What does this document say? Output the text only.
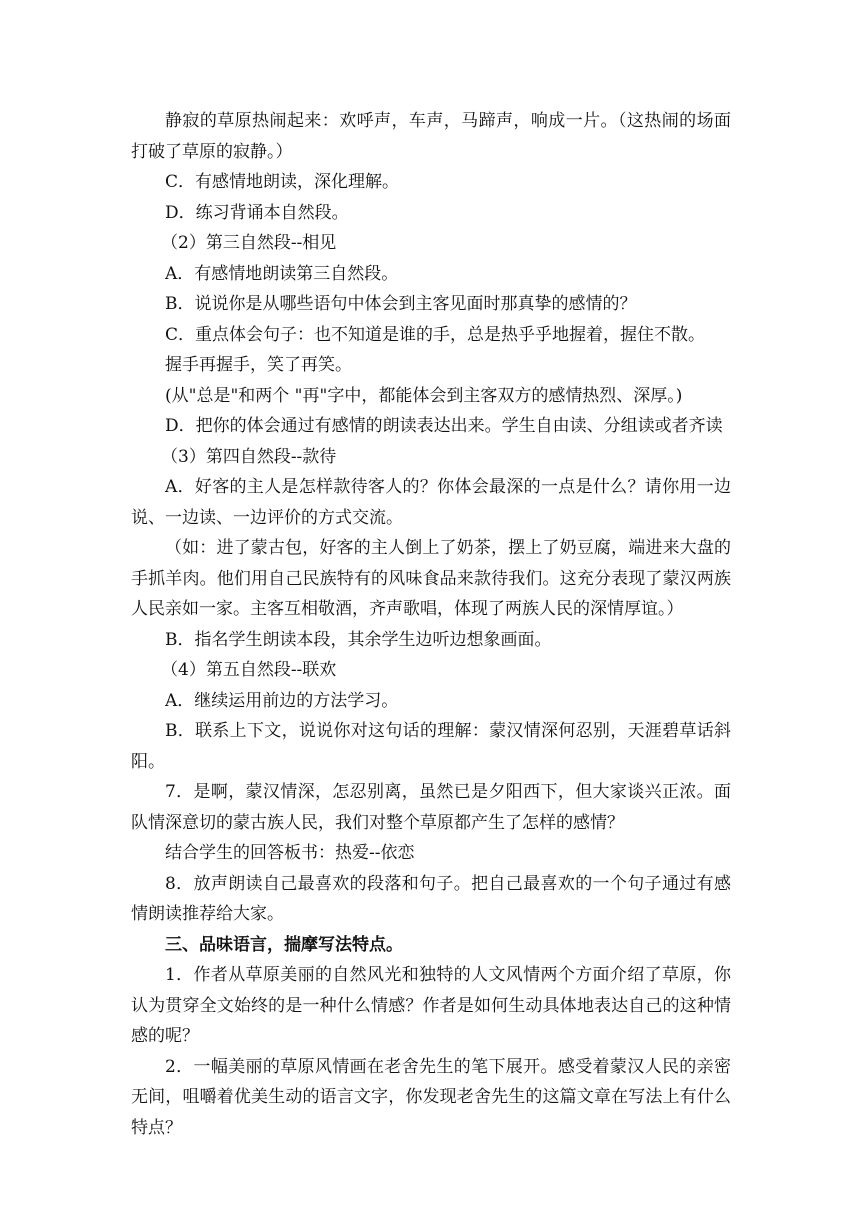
静寂的草原热闹起来：欢呼声，车声，马蹄声，响成一片。（这热闹的场面打破了草原的寂静。）

C．有感情地朗读，深化理解。

D．练习背诵本自然段。

（2）第三自然段--相见

A．有感情地朗读第三自然段。

B．说说你是从哪些语句中体会到主客见面时那真挚的感情的？

C．重点体会句子：也不知道是谁的手，总是热乎乎地握着，握住不散。

握手再握手，笑了再笑。

(从"总是"和两个 "再"字中，都能体会到主客双方的感情热烈、深厚。)

D．把你的体会通过有感情的朗读表达出来。学生自由读、分组读或者齐读

（3）第四自然段--款待

A．好客的主人是怎样款待客人的？你体会最深的一点是什么？请你用一边说、一边读、一边评价的方式交流。

（如：进了蒙古包，好客的主人倒上了奶茶，摆上了奶豆腐，端进来大盘的手抓羊肉。他们用自己民族特有的风味食品来款待我们。这充分表现了蒙汉两族人民亲如一家。主客互相敬酒，齐声歌唱，体现了两族人民的深情厚谊。）

B．指名学生朗读本段，其余学生边听边想象画面。

（4）第五自然段--联欢

A．继续运用前边的方法学习。

B．联系上下文，说说你对这句话的理解：蒙汉情深何忍别，天涯碧草话斜阳。

7．是啊，蒙汉情深，怎忍别离，虽然已是夕阳西下，但大家谈兴正浓。面队情深意切的蒙古族人民，我们对整个草原都产生了怎样的感情？

结合学生的回答板书：热爱--依恋

8．放声朗读自己最喜欢的段落和句子。把自己最喜欢的一个句子通过有感情朗读推荐给大家。

三、品味语言，揣摩写法特点。

1．作者从草原美丽的自然风光和独特的人文风情两个方面介绍了草原，你认为贯穿全文始终的是一种什么情感？作者是如何生动具体地表达自己的这种情感的呢？

2．一幅美丽的草原风情画在老舍先生的笔下展开。感受着蒙汉人民的亲密无间，咀嚼着优美生动的语言文字，你发现老舍先生的这篇文章在写法上有什么特点？
